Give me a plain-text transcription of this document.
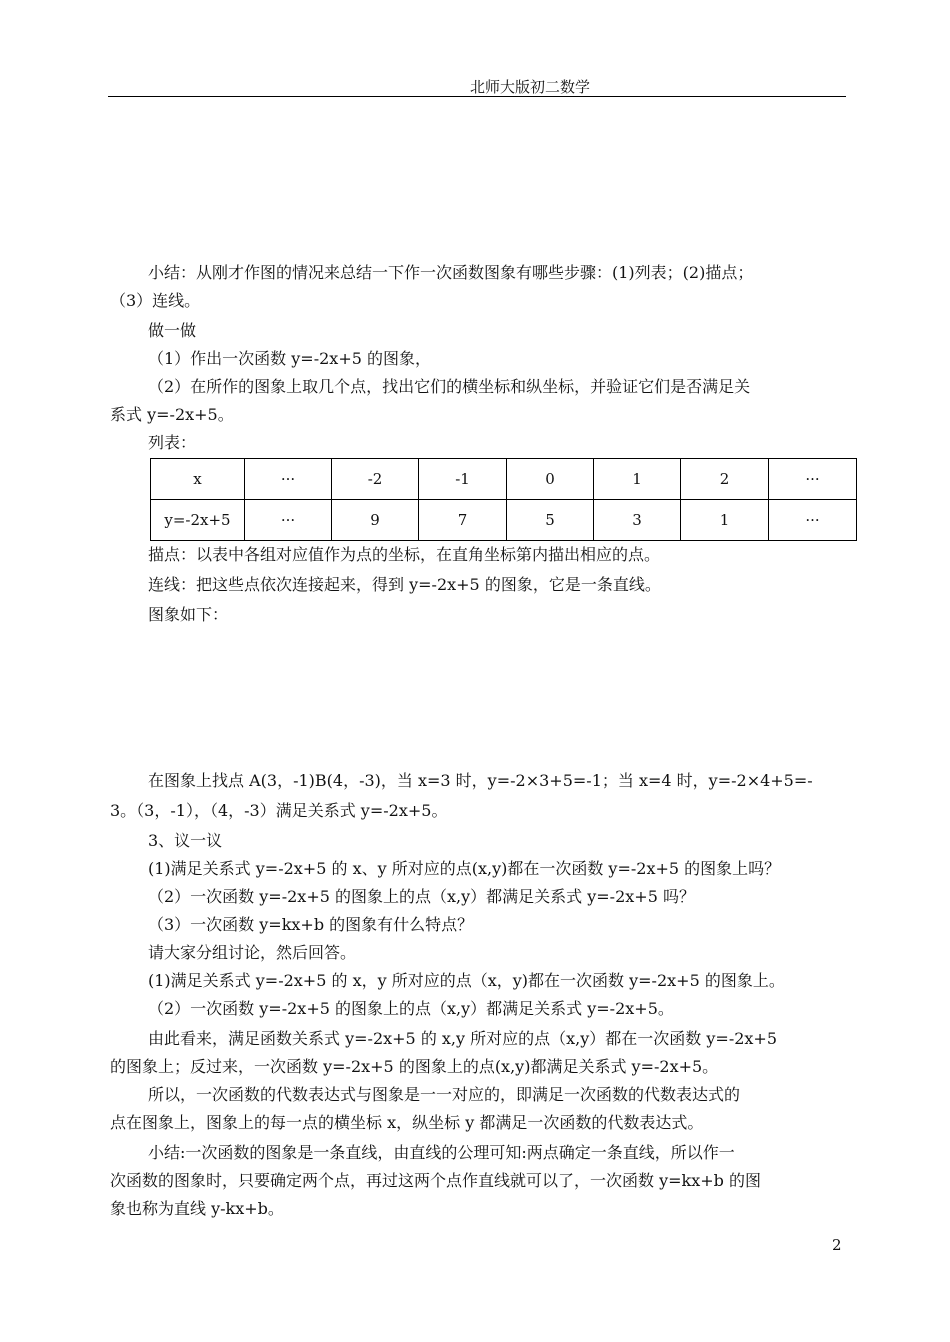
北师大版初二数学
小结：从刚才作图的情况来总结一下作一次函数图象有哪些步骤：(1)列表；(2)描点；
（3）连线。
做一做
（1）作出一次函数 y=-2x+5 的图象，
（2）在所作的图象上取几个点，找出它们的横坐标和纵坐标，并验证它们是否满足关
系式 y=-2x+5。
列表：
x	···	-2	-1	0	1	2	···
y=-2x+5	···	9	7	5	3	1	···
描点：以表中各组对应值作为点的坐标，在直角坐标第内描出相应的点。
连线：把这些点依次连接起来，得到 y=-2x+5 的图象，它是一条直线。
图象如下：
在图象上找点 A(3，-1)B(4，-3)，当 x=3 时，y=-2×3+5=-1；当 x=4 时，y=-2×4+5=-
3。（3，-1），（4，-3）满足关系式 y=-2x+5。
3、议一议
(1)满足关系式 y=-2x+5 的 x、y 所对应的点(x,y)都在一次函数 y=-2x+5 的图象上吗？
（2）一次函数 y=-2x+5 的图象上的点（x,y）都满足关系式 y=-2x+5 吗？
（3）一次函数 y=kx+b 的图象有什么特点？
请大家分组讨论，然后回答。
(1)满足关系式 y=-2x+5 的 x，y 所对应的点（x，y)都在一次函数 y=-2x+5 的图象上。
（2）一次函数 y=-2x+5 的图象上的点（x,y）都满足关系式 y=-2x+5。
由此看来，满足函数关系式 y=-2x+5 的 x,y 所对应的点（x,y）都在一次函数 y=-2x+5
的图象上；反过来，一次函数 y=-2x+5 的图象上的点(x,y)都满足关系式 y=-2x+5。
所以，一次函数的代数表达式与图象是一一对应的，即满足一次函数的代数表达式的
点在图象上，图象上的每一点的横坐标 x，纵坐标 y 都满足一次函数的代数表达式。
小结:一次函数的图象是一条直线，由直线的公理可知:两点确定一条直线，所以作一
次函数的图象时，只要确定两个点，再过这两个点作直线就可以了，一次函数 y=kx+b 的图
象也称为直线 y-kx+b。
2
